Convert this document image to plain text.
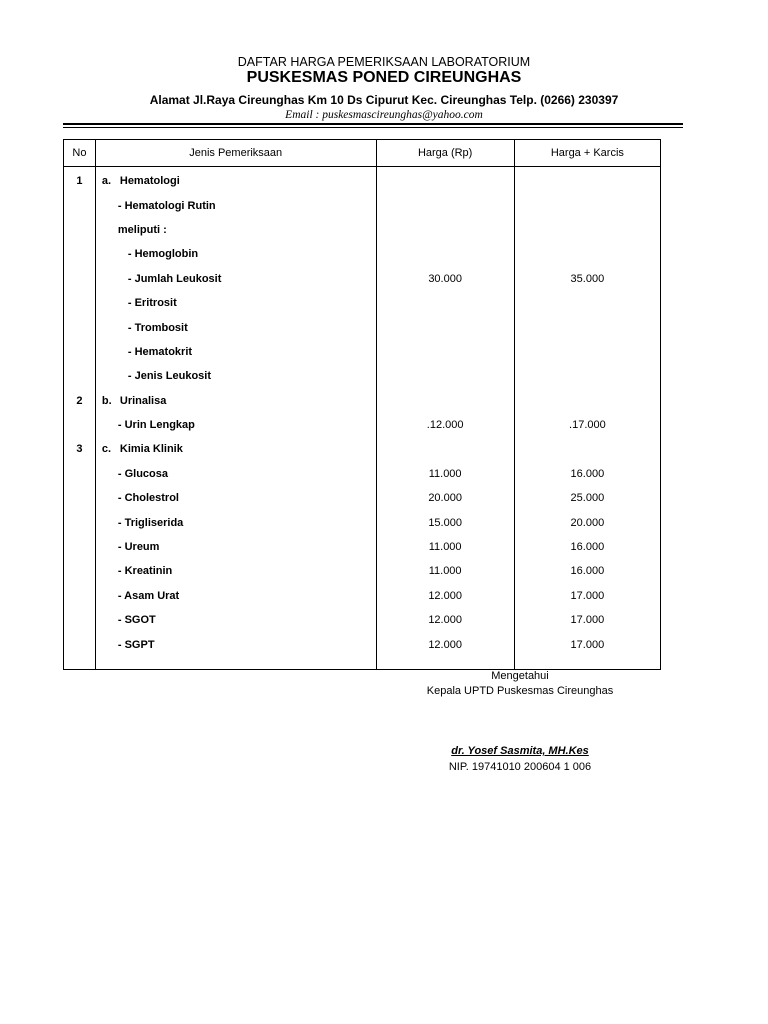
DAFTAR HARGA PEMERIKSAAN LABORATORIUM
PUSKESMAS PONED CIREUNGHAS
Alamat Jl.Raya Cireunghas Km 10 Ds Cipurut Kec. Cireunghas Telp. (0266) 230397
Email : puskesmascireunghas@yahoo.com
No	Jenis Pemeriksaan	Harga (Rp)	Harga + Karcis
1	a. Hematologi		
	- Hematologi Rutin		
	meliputi :		
	- Hemoglobin		
	- Jumlah Leukosit	30.000	35.000
	- Eritrosit		
	- Trombosit		
	- Hematokrit		
	- Jenis Leukosit		
2	b. Urinalisa		
	- Urin Lengkap	.12.000	.17.000
3	c. Kimia Klinik		
	- Glucosa	11.000	16.000
	- Cholestrol	20.000	25.000
	- Trigliserida	15.000	20.000
	- Ureum	11.000	16.000
	- Kreatinin	11.000	16.000
	- Asam Urat	12.000	17.000
	- SGOT	12.000	17.000
	- SGPT	12.000	17.000
Mengetahui
Kepala UPTD Puskesmas Cireunghas
dr. Yosef Sasmita, MH.Kes
NIP. 19741010 200604 1 006
